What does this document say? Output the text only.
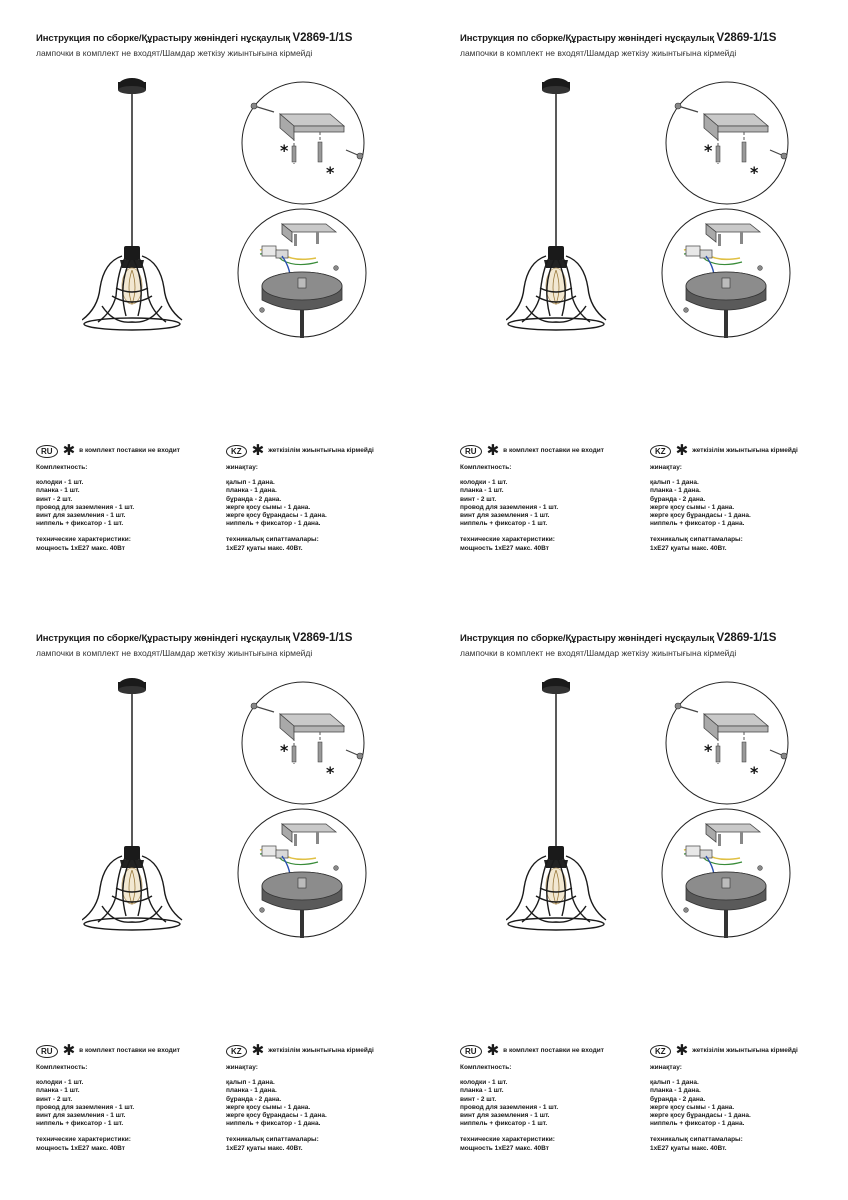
Инструкция по сборке/Құрастыру жөніндегі нұсқаулық V2869-1/1S
лампочки в комплект не входят/Шамдар жеткізу жиынтығына кірмейді
*
*
RU ✱ в комплект поставки не входит
Комплектность:
колодки - 1 шт.
планка - 1 шт.
винт - 2 шт.
провод для заземления - 1 шт.
винт для заземления - 1 шт.
ниппель + фиксатор - 1 шт.
технические характеристики:
мощность 1хЕ27 макс. 40Вт
KZ ✱ жеткізілім жиынтығына кірмейді
жинақтау:
қалып - 1 дана.
планка - 1 дана.
бұранда - 2 дана.
жерге қосу сымы - 1 дана.
жерге қосу бұрандасы - 1 дана.
ниппель + фиксатор - 1 дана.
техникалық сипаттамалары:
1хЕ27 қуаты макс. 40Вт.
Инструкция по сборке/Құрастыру жөніндегі нұсқаулық V2869-1/1S
лампочки в комплект не входят/Шамдар жеткізу жиынтығына кірмейді
*
*
RU ✱ в комплект поставки не входит
Комплектность:
колодки - 1 шт.
планка - 1 шт.
винт - 2 шт.
провод для заземления - 1 шт.
винт для заземления - 1 шт.
ниппель + фиксатор - 1 шт.
технические характеристики:
мощность 1хЕ27 макс. 40Вт
KZ ✱ жеткізілім жиынтығына кірмейді
жинақтау:
қалып - 1 дана.
планка - 1 дана.
бұранда - 2 дана.
жерге қосу сымы - 1 дана.
жерге қосу бұрандасы - 1 дана.
ниппель + фиксатор - 1 дана.
техникалық сипаттамалары:
1хЕ27 қуаты макс. 40Вт.
Инструкция по сборке/Құрастыру жөніндегі нұсқаулық V2869-1/1S
лампочки в комплект не входят/Шамдар жеткізу жиынтығына кірмейді
*
*
RU ✱ в комплект поставки не входит
Комплектность:
колодки - 1 шт.
планка - 1 шт.
винт - 2 шт.
провод для заземления - 1 шт.
винт для заземления - 1 шт.
ниппель + фиксатор - 1 шт.
технические характеристики:
мощность 1хЕ27 макс. 40Вт
KZ ✱ жеткізілім жиынтығына кірмейді
жинақтау:
қалып - 1 дана.
планка - 1 дана.
бұранда - 2 дана.
жерге қосу сымы - 1 дана.
жерге қосу бұрандасы - 1 дана.
ниппель + фиксатор - 1 дана.
техникалық сипаттамалары:
1хЕ27 қуаты макс. 40Вт.
Инструкция по сборке/Құрастыру жөніндегі нұсқаулық V2869-1/1S
лампочки в комплект не входят/Шамдар жеткізу жиынтығына кірмейді
*
*
RU ✱ в комплект поставки не входит
Комплектность:
колодки - 1 шт.
планка - 1 шт.
винт - 2 шт.
провод для заземления - 1 шт.
винт для заземления - 1 шт.
ниппель + фиксатор - 1 шт.
технические характеристики:
мощность 1хЕ27 макс. 40Вт
KZ ✱ жеткізілім жиынтығына кірмейді
жинақтау:
қалып - 1 дана.
планка - 1 дана.
бұранда - 2 дана.
жерге қосу сымы - 1 дана.
жерге қосу бұрандасы - 1 дана.
ниппель + фиксатор - 1 дана.
техникалық сипаттамалары:
1хЕ27 қуаты макс. 40Вт.
